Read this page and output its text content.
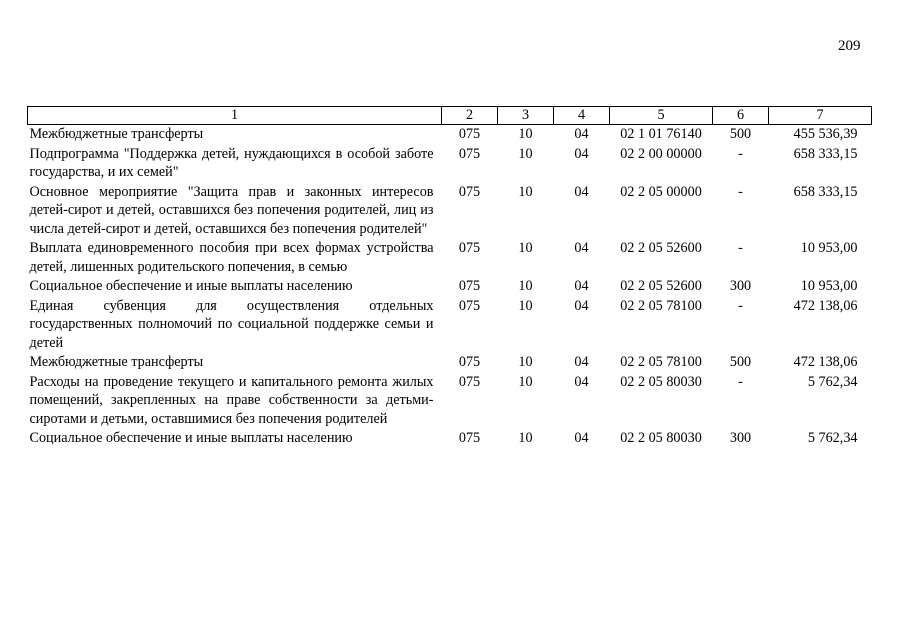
209
1	2	3	4	5	6	7
Межбюджетные трансферты	075	10	04	02 1 01 76140	500	455 536,39
Подпрограмма "Поддержка детей, нуждающихся в особой заботе государства, и их семей"	075	10	04	02 2 00 00000	-	658 333,15
Основное мероприятие "Защита прав и законных интересов детей-сирот и детей, оставшихся без попечения родителей, лиц из числа детей-сирот и детей, оставшихся без попечения родителей"	075	10	04	02 2 05 00000	-	658 333,15
Выплата единовременного пособия при всех формах устройства детей, лишенных родительского попечения, в семью	075	10	04	02 2 05 52600	-	10 953,00
Социальное обеспечение и иные выплаты населению	075	10	04	02 2 05 52600	300	10 953,00
Единая субвенция для осуществления отдельных государственных полномочий по социальной поддержке семьи и детей	075	10	04	02 2 05 78100	-	472 138,06
Межбюджетные трансферты	075	10	04	02 2 05 78100	500	472 138,06
Расходы на проведение текущего и капитального ремонта жилых помещений, закрепленных на праве собственности за детьми-сиротами и детьми, оставшимися без попечения родителей	075	10	04	02 2 05 80030	-	5 762,34
Социальное обеспечение и иные выплаты населению	075	10	04	02 2 05 80030	300	5 762,34
